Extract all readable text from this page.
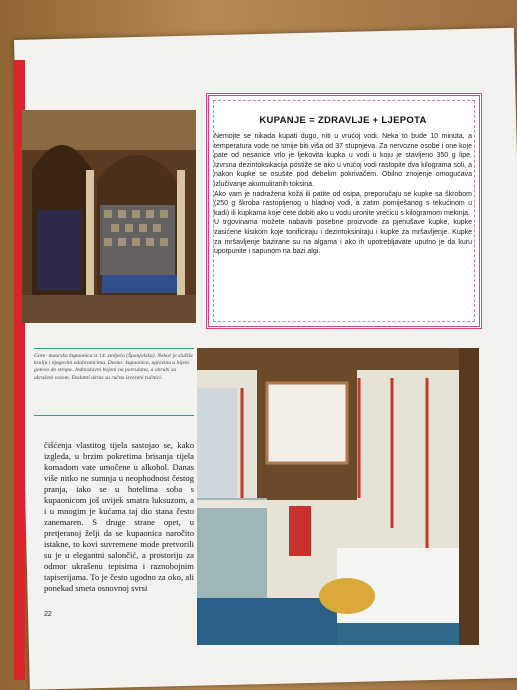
KUPANJE = ZDRAVLJE + LJEPOTA

Nemojte se nikada kupati dugo, niti u vrućoj vodi. Neka to bude 10 minuta, a temperatura vode ne smije biti viša od 37 stupnjeva. Za nervozne osobe i one koje pate od nesanice vrlo je ljekovita kupka u vodi u koju je stavljeno 350 g lipe. Izvrsna dezintoksikacija postiže se ako u vrućoj vodi rastopite dva kilograma soli, a nakon kupke se osušite pod debelim pokrivačem. Obilno znojenje omogućava izlučivanje akumuliranih toksina.

Ako vam je nadražena koža ili patite od osipa, preporučaju se kupke sa škrobom (250 g škroba rastopljenog u hladnoj vodi, a zatim pomiješanog s tekućinom u kadi) ili kupkama koje ćete dobiti ako u vodu uronite vrećicu s kilogramom mekinja.

U trgovinama možete nabaviti posebne proizvode za pjenušave kupke, kupke zasićene kisikom koje tonificiraju i dezintoksiniraju i kupke za mršavljenje. Kupke za mršavljenje bazirane su na algama i ako ih upotrebljavate uputno je da kuru upotpunite i sapunom na bazi algi.

Gore: maurska kupaonica iz 14. stoljeća (Španjolska). Nekoć je služila kralju i njegovim odabranicima. Desno: kupaonica, uglovina u bijelo gotovo do stropa. Jednostavni bojeni na porculanu, a obrubi su ukrašeni vezom. Dodatni ukras su ručno izvezeni ručnici.

čišćenja vlastitog tijela sastojao se, kako izgleda, u brzim pokretima brisanja tijela komadom vate umočene u alkohol. Danas više nitko ne sumnja u neophodnost čestog pranja, iako se u hotelima soba s kupaonicom još uvijek smatra luksuzom, a i u mnogim je kućama taj dio stana često zanemaren. S druge strane opet, u pretjeranoj želji da se kupaonica naročito istakne, to kovi suvremene mode pretvorili su je u elegantni salončić, a prostoriju za odmor ukrašenu tepisima i raznobojnim tapiserijama. To je često ugodno za oko, ali ponekad smeta osnovnoj svrsi

22
